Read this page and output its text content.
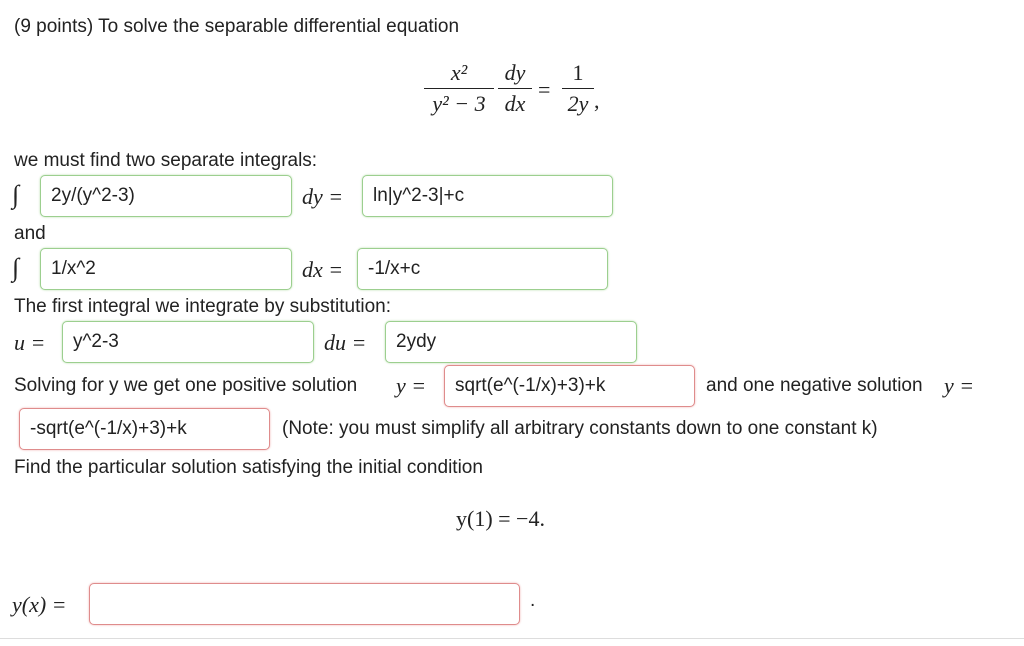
(9 points) To solve the separable differential equation
x²
y² − 3
dy
dx
=
1
2y ,
we must find two separate integrals:
∫	2y/(y^2-3)	dy =	ln|y^2-3|+c
and
∫	1/x^2	dx =	-1/x+c
The first integral we integrate by substitution:
u =	y^2-3	du =	2ydy
Solving for y we get one positive solution y =	sqrt(e^(-1/x)+3)+k	and one negative solution y =
-sqrt(e^(-1/x)+3)+k	(Note: you must simplify all arbitrary constants down to one constant k)
Find the particular solution satisfying the initial condition
y(1) = −4.
y(x) =	.
